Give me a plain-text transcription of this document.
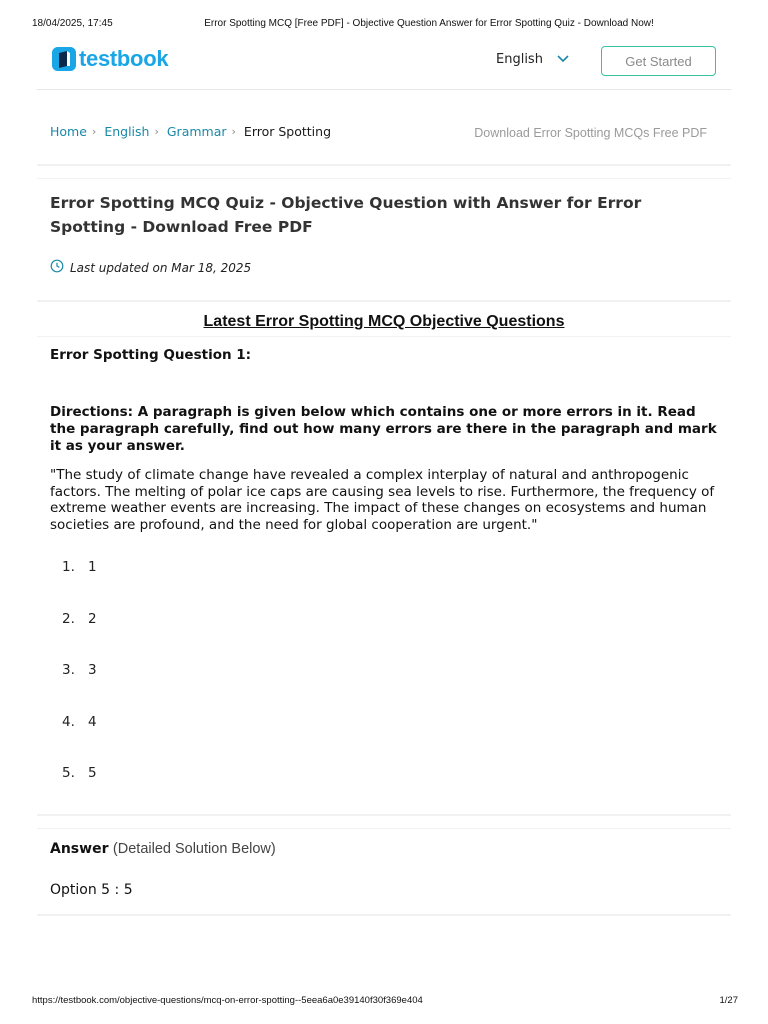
18/04/2025, 17:45	Error Spotting MCQ [Free PDF] - Objective Question Answer for Error Spotting Quiz - Download Now!
testbook	English	Get Started
Home › English › Grammar › Error Spotting	Download Error Spotting MCQs Free PDF
Error Spotting MCQ Quiz - Objective Question with Answer for Error Spotting - Download Free PDF
Last updated on Mar 18, 2025
Latest Error Spotting MCQ Objective Questions
Error Spotting Question 1:
Directions: A paragraph is given below which contains one or more errors in it. Read the paragraph carefully, find out how many errors are there in the paragraph and mark it as your answer.
"The study of climate change have revealed a complex interplay of natural and anthropogenic factors. The melting of polar ice caps are causing sea levels to rise. Furthermore, the frequency of extreme weather events are increasing. The impact of these changes on ecosystems and human societies are profound, and the need for global cooperation are urgent."
1. 1
2. 2
3. 3
4. 4
5. 5
Answer (Detailed Solution Below)
Option 5 : 5
https://testbook.com/objective-questions/mcq-on-error-spotting--5eea6a0e39140f30f369e404	1/27
